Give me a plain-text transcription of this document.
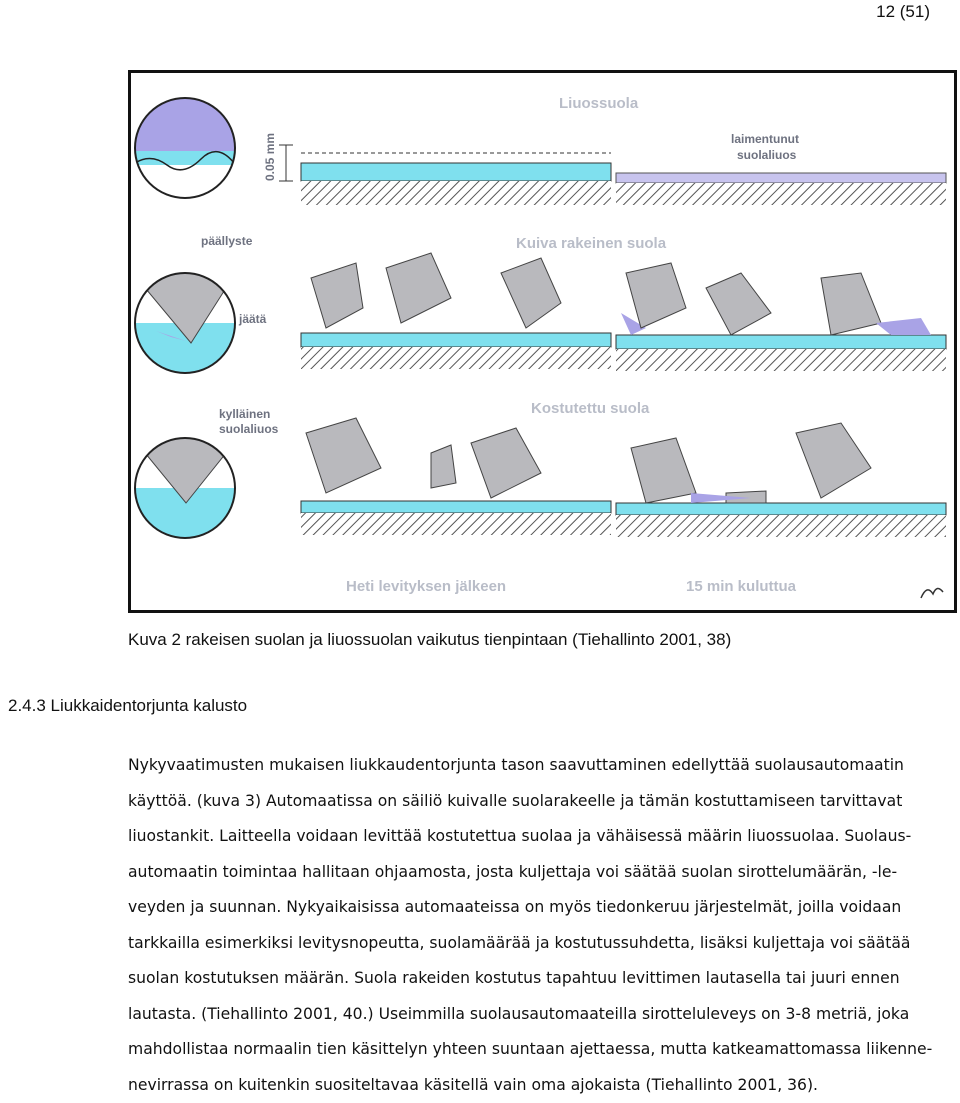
12 (51)
0.05 mm
Liuossuola
laimentunut
suolaliuos
päällyste	Kuiva rakeinen suola
jäätä
Kostutettu suola
Heti levityksen jälkeen	15 min kuluttua
kylläinen
suolaliuos
Kuva 2 rakeisen suolan ja liuossuolan vaikutus tienpintaan (Tiehallinto 2001, 38)
2.4.3 Liukkaidentorjunta kalusto
Nykyvaatimusten mukaisen liukkaudentorjunta tason saavuttaminen edellyttää suolausautomaatin
käyttöä. (kuva 3) Automaatissa on säiliö kuivalle suolarakeelle ja tämän kostuttamiseen tarvittavat
liuostankit. Laitteella voidaan levittää kostutettua suolaa ja vähäisessä määrin liuossuolaa. Suolaus-
automaatin toimintaa hallitaan ohjaamosta, josta kuljettaja voi säätää suolan sirottelumäärän, -le-
veyden ja suunnan. Nykyaikaisissa automaateissa on myös tiedonkeruu järjestelmät, joilla voidaan
tarkkailla esimerkiksi levitysnopeutta, suolamäärää ja kostutussuhdetta, lisäksi kuljettaja voi säätää
suolan kostutuksen määrän. Suola rakeiden kostutus tapahtuu levittimen lautasella tai juuri ennen
lautasta. (Tiehallinto 2001, 40.) Useimmilla suolausautomaateilla sirotteluleveys on 3-8 metriä, joka
mahdollistaa normaalin tien käsittelyn yhteen suuntaan ajettaessa, mutta katkeamattomassa liikenne-
nevirrassa on kuitenkin suositeltavaa käsitellä vain oma ajokaista (Tiehallinto 2001, 36).
